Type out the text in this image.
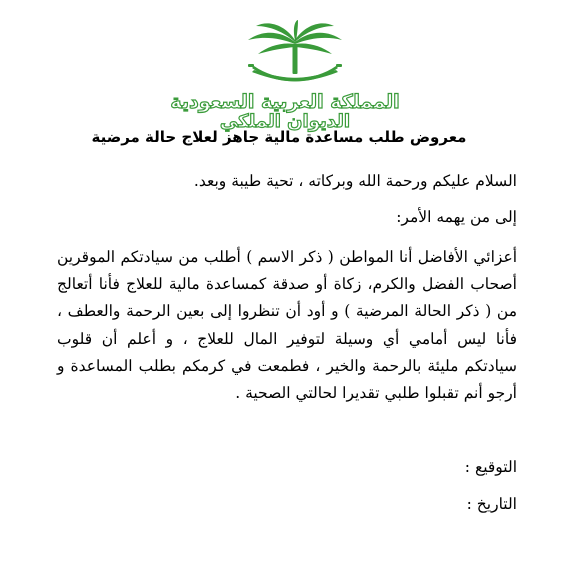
المملكة العربية السعودية
الديوان الملكي
معروض طلب مساعدة مالية جاهز لعلاج حالة مرضية
السلام عليكم ورحمة الله وبركاته ، تحية طيبة وبعد.
إلى من يهمه الأمر:
أعزائي الأفاضل أنا المواطن ( ذكر الاسم ) أطلب من سيادتكم الموقرين أصحاب الفضل والكرم، زكاة أو صدقة كمساعدة مالية للعلاج فأنا أتعالج من ( ذكر الحالة المرضية ) و أود أن تنظروا إلى بعين الرحمة والعطف ، فأنا ليس أمامي أي وسيلة لتوفير المال للعلاج ، و أعلم أن قلوب سيادتكم مليئة بالرحمة والخير ، فطمعت في كرمكم بطلب المساعدة و أرجو أنم تقبلوا طلبي تقديرا لحالتي الصحية .
التوقيع :
التاريخ :
